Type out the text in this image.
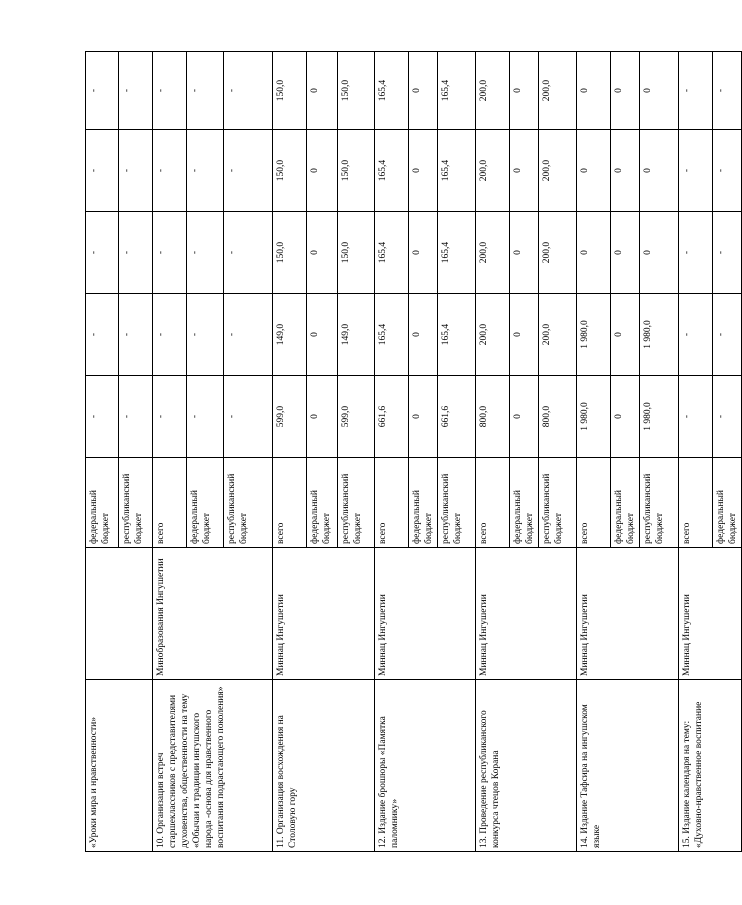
«Уроки мира и нравственности»		федеральный бюджет	-	-	-	-	-
		республиканский бюджет	-	-	-	-	-
10. Организация встреч старшеклассников с представителями духовенства, общественности на тему «Обычаи и традиции ингушского народа -основа для нравственного воспитания подрастающего поколения»	Минобразования Ингушетии	всего	-	-	-	-	-
		федеральный бюджет	-	-	-	-	-
		республиканский бюджет	-	-	-	-	-
11. Организация восхождения на Столовую гору	Миннац Ингушетии	всего	599,0	149,0	150,0	150,0	150,0
		федеральный бюджет	0	0	0	0	0
		республиканский бюджет	599,0	149,0	150,0	150,0	150,0
12. Издание брошюры «Памятка паломнику»	Миннац Ингушетии	всего	661,6	165,4	165,4	165,4	165,4
		федеральный бюджет	0	0	0	0	0
		республиканский бюджет	661,6	165,4	165,4	165,4	165,4
13. Проведение республиканского конкурса чтецов Корана	Миннац Ингушетии	всего	800,0	200,0	200,0	200,0	200,0
		федеральный бюджет	0	0	0	0	0
		республиканский бюджет	800,0	200,0	200,0	200,0	200,0
14. Издание Тафсира на ингушском языке	Миннац Ингушетии	всего	1 980,0	1 980,0	0	0	0
		федеральный бюджет	0	0	0	0	0
		республиканский бюджет	1 980,0	1 980,0	0	0	0
15. Издание календаря на тему: «Духовно-нравственное воспитание	Миннац Ингушетии	всего	-	-	-	-	-
		федеральный бюджет	-	-	-	-	-
